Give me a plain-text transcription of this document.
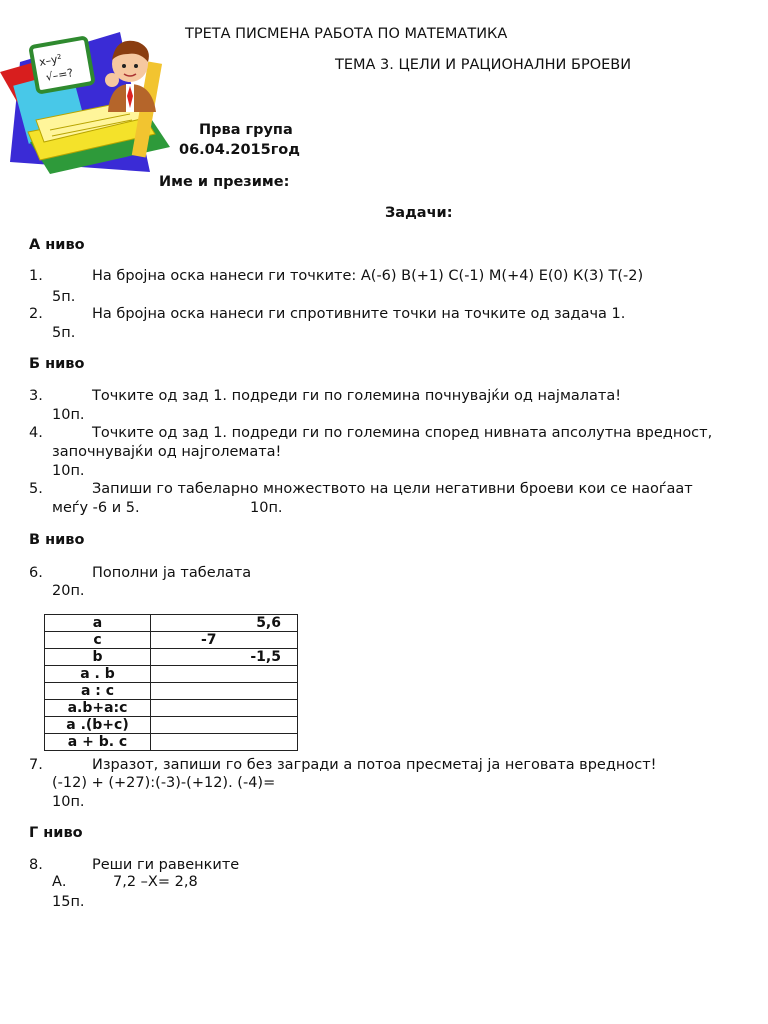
x–y²
√–=?
ТРЕТА ПИСМЕНА РАБОТА ПО МАТЕМАТИКА
ТЕМА 3. ЦЕЛИ И РАЦИОНАЛНИ БРОЕВИ
Прва група
06.04.2015год
Име и презиме:
Задачи:
А ниво
1.	На бројна оска нанеси ги точките: А(-6) В(+1) С(-1) М(+4) Е(0) К(3) Т(-2)
5п.
2.	На бројна оска нанеси ги спротивните точки на точките од задача 1.
5п.
Б ниво
3.	Точките од зад 1. подреди ги по големина почнувајќи од најмалата!
10п.
4.	Точките од зад 1. подреди ги по големина според нивната апсолутна вредност,
започнувајќи од најголемата!
10п.
5.	Запиши го табеларно множеството на цели негативни броеви кои се наоѓаат
меѓу -6 и 5.	10п.
В ниво
6.	Пополни ја табелата
20п.
a	5,6
c	-7
b	-1,5
a . b	
a : c	
a.b+a:c	
a .(b+c)	
a + b. c	
7.	Изразот, запиши го без загради а потоа пресметај ја неговата вредност!
(-12) + (+27):(-3)-(+12). (-4)=
10п.
Г ниво
8.	Реши ги равенките
А.	7,2 –Х= 2,8
15п.
